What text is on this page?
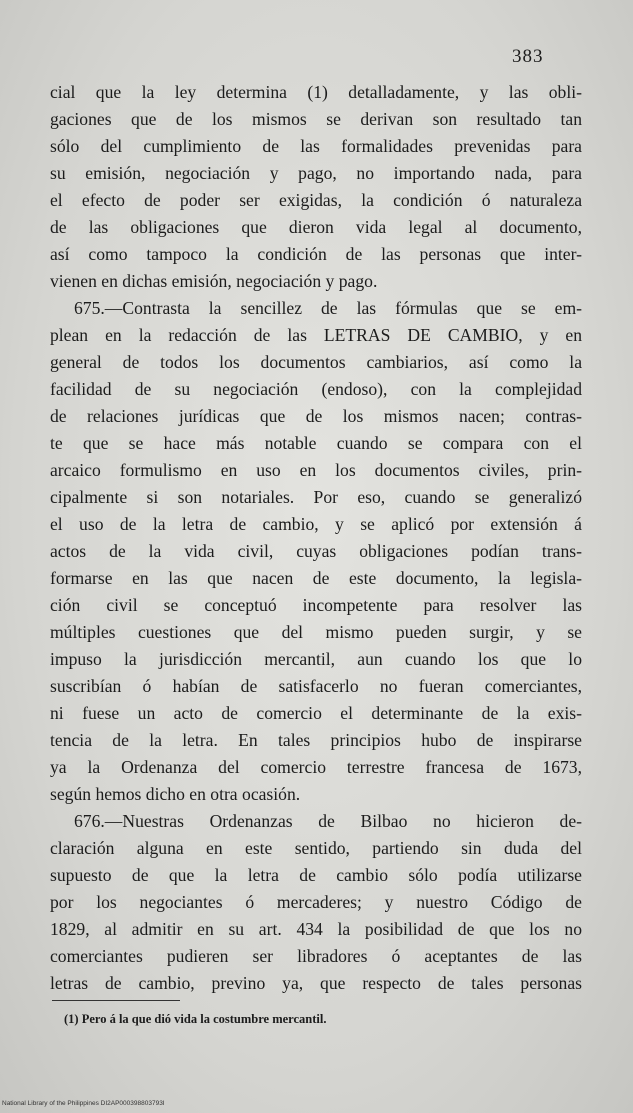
383
cial que la ley determina (1) detalladamente, y las obli-
gaciones que de los mismos se derivan son resultado tan
sólo del cumplimiento de las formalidades prevenidas para
su emisión, negociación y pago, no importando nada, para
el efecto de poder ser exigidas, la condición ó naturaleza
de las obligaciones que dieron vida legal al documento,
así como tampoco la condición de las personas que inter-
vienen en dichas emisión, negociación y pago.
675.—Contrasta la sencillez de las fórmulas que se em-
plean en la redacción de las LETRAS DE CAMBIO, y en
general de todos los documentos cambiarios, así como la
facilidad de su negociación (endoso), con la complejidad
de relaciones jurídicas que de los mismos nacen; contras-
te que se hace más notable cuando se compara con el
arcaico formulismo en uso en los documentos civiles, prin-
cipalmente si son notariales. Por eso, cuando se generalizó
el uso de la letra de cambio, y se aplicó por extensión á
actos de la vida civil, cuyas obligaciones podían trans-
formarse en las que nacen de este documento, la legisla-
ción civil se conceptuó incompetente para resolver las
múltiples cuestiones que del mismo pueden surgir, y se
impuso la jurisdicción mercantil, aun cuando los que lo
suscribían ó habían de satisfacerlo no fueran comerciantes,
ni fuese un acto de comercio el determinante de la exis-
tencia de la letra. En tales principios hubo de inspirarse
ya la Ordenanza del comercio terrestre francesa de 1673,
según hemos dicho en otra ocasión.
676.—Nuestras Ordenanzas de Bilbao no hicieron de-
claración alguna en este sentido, partiendo sin duda del
supuesto de que la letra de cambio sólo podía utilizarse
por los negociantes ó mercaderes; y nuestro Código de
1829, al admitir en su art. 434 la posibilidad de que los no
comerciantes pudieren ser libradores ó aceptantes de las
letras de cambio, previno ya, que respecto de tales personas
(1) Pero á la que dió vida la costumbre mercantil.
National Library of the Philippines DI2AP000398803793I
